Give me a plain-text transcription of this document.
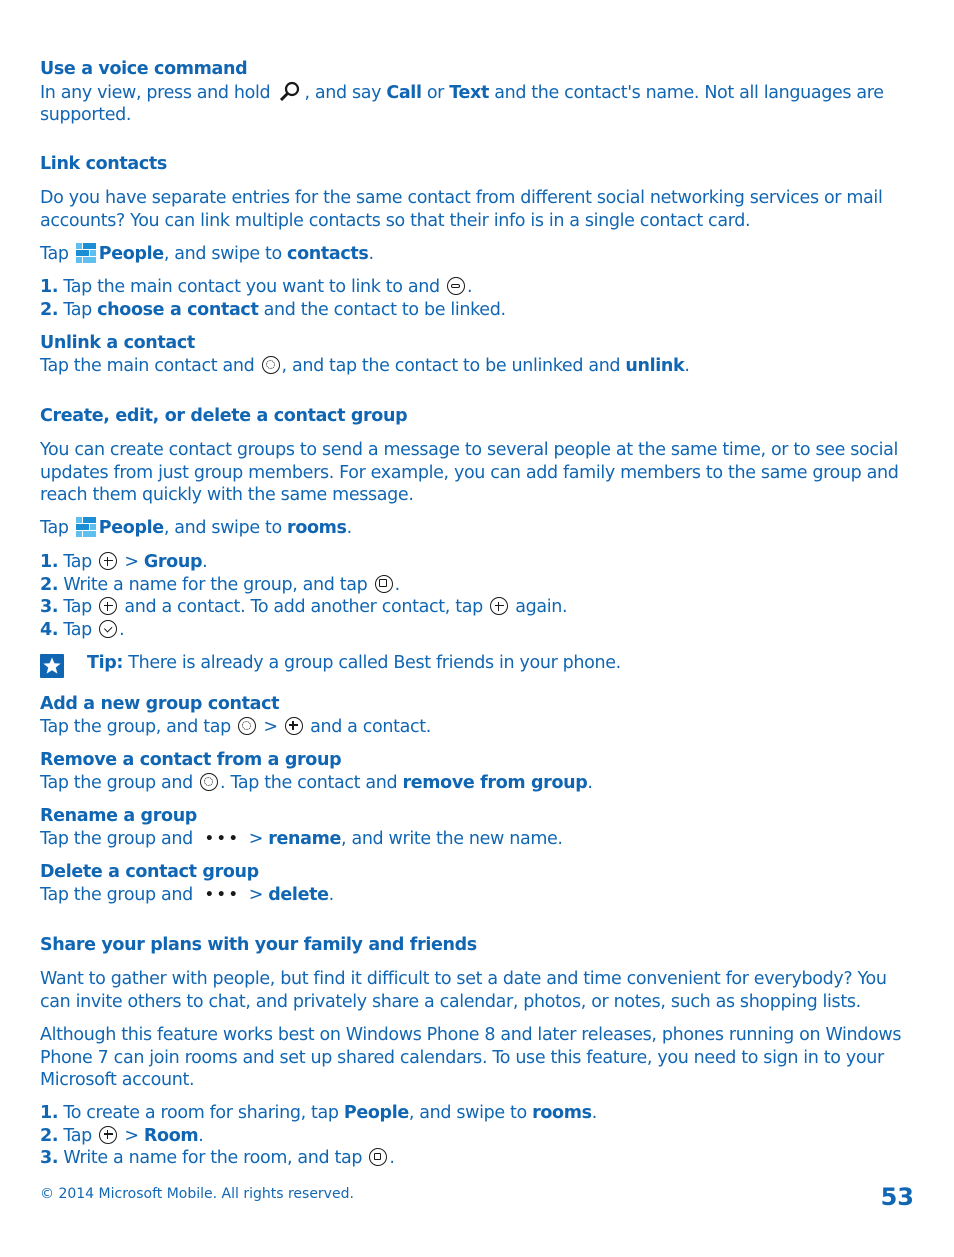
Use a voice command

In any view, press and hold , and say Call or Text and the contact's name. Not all languages are

supported.

Link contacts

Do you have separate entries for the same contact from different social networking services or mail

accounts? You can link multiple contacts so that their info is in a single contact card.

Tap People, and swipe to contacts.

1. Tap the main contact you want to link to and .

2. Tap choose a contact and the contact to be linked.

Unlink a contact

Tap the main contact and , and tap the contact to be unlinked and unlink.

Create, edit, or delete a contact group

You can create contact groups to send a message to several people at the same time, or to see social

updates from just group members. For example, you can add family members to the same group and

reach them quickly with the same message.

Tap People, and swipe to rooms.

1. Tap  > Group.

2. Write a name for the group, and tap .

3. Tap  and a contact. To add another contact, tap  again.

4. Tap .

Tip: There is already a group called Best friends in your phone.

Add a new group contact

Tap the group, and tap  >  and a contact.

Remove a contact from a group

Tap the group and . Tap the contact and remove from group.

Rename a group

Tap the group and ••• > rename, and write the new name.

Delete a contact group

Tap the group and ••• > delete.

Share your plans with your family and friends

Want to gather with people, but find it difficult to set a date and time convenient for everybody? You

can invite others to chat, and privately share a calendar, photos, or notes, such as shopping lists.

Although this feature works best on Windows Phone 8 and later releases, phones running on Windows

Phone 7 can join rooms and set up shared calendars. To use this feature, you need to sign in to your

Microsoft account.

1. To create a room for sharing, tap People, and swipe to rooms.

2. Tap  > Room.

3. Write a name for the room, and tap .

© 2014 Microsoft Mobile. All rights reserved.	53
